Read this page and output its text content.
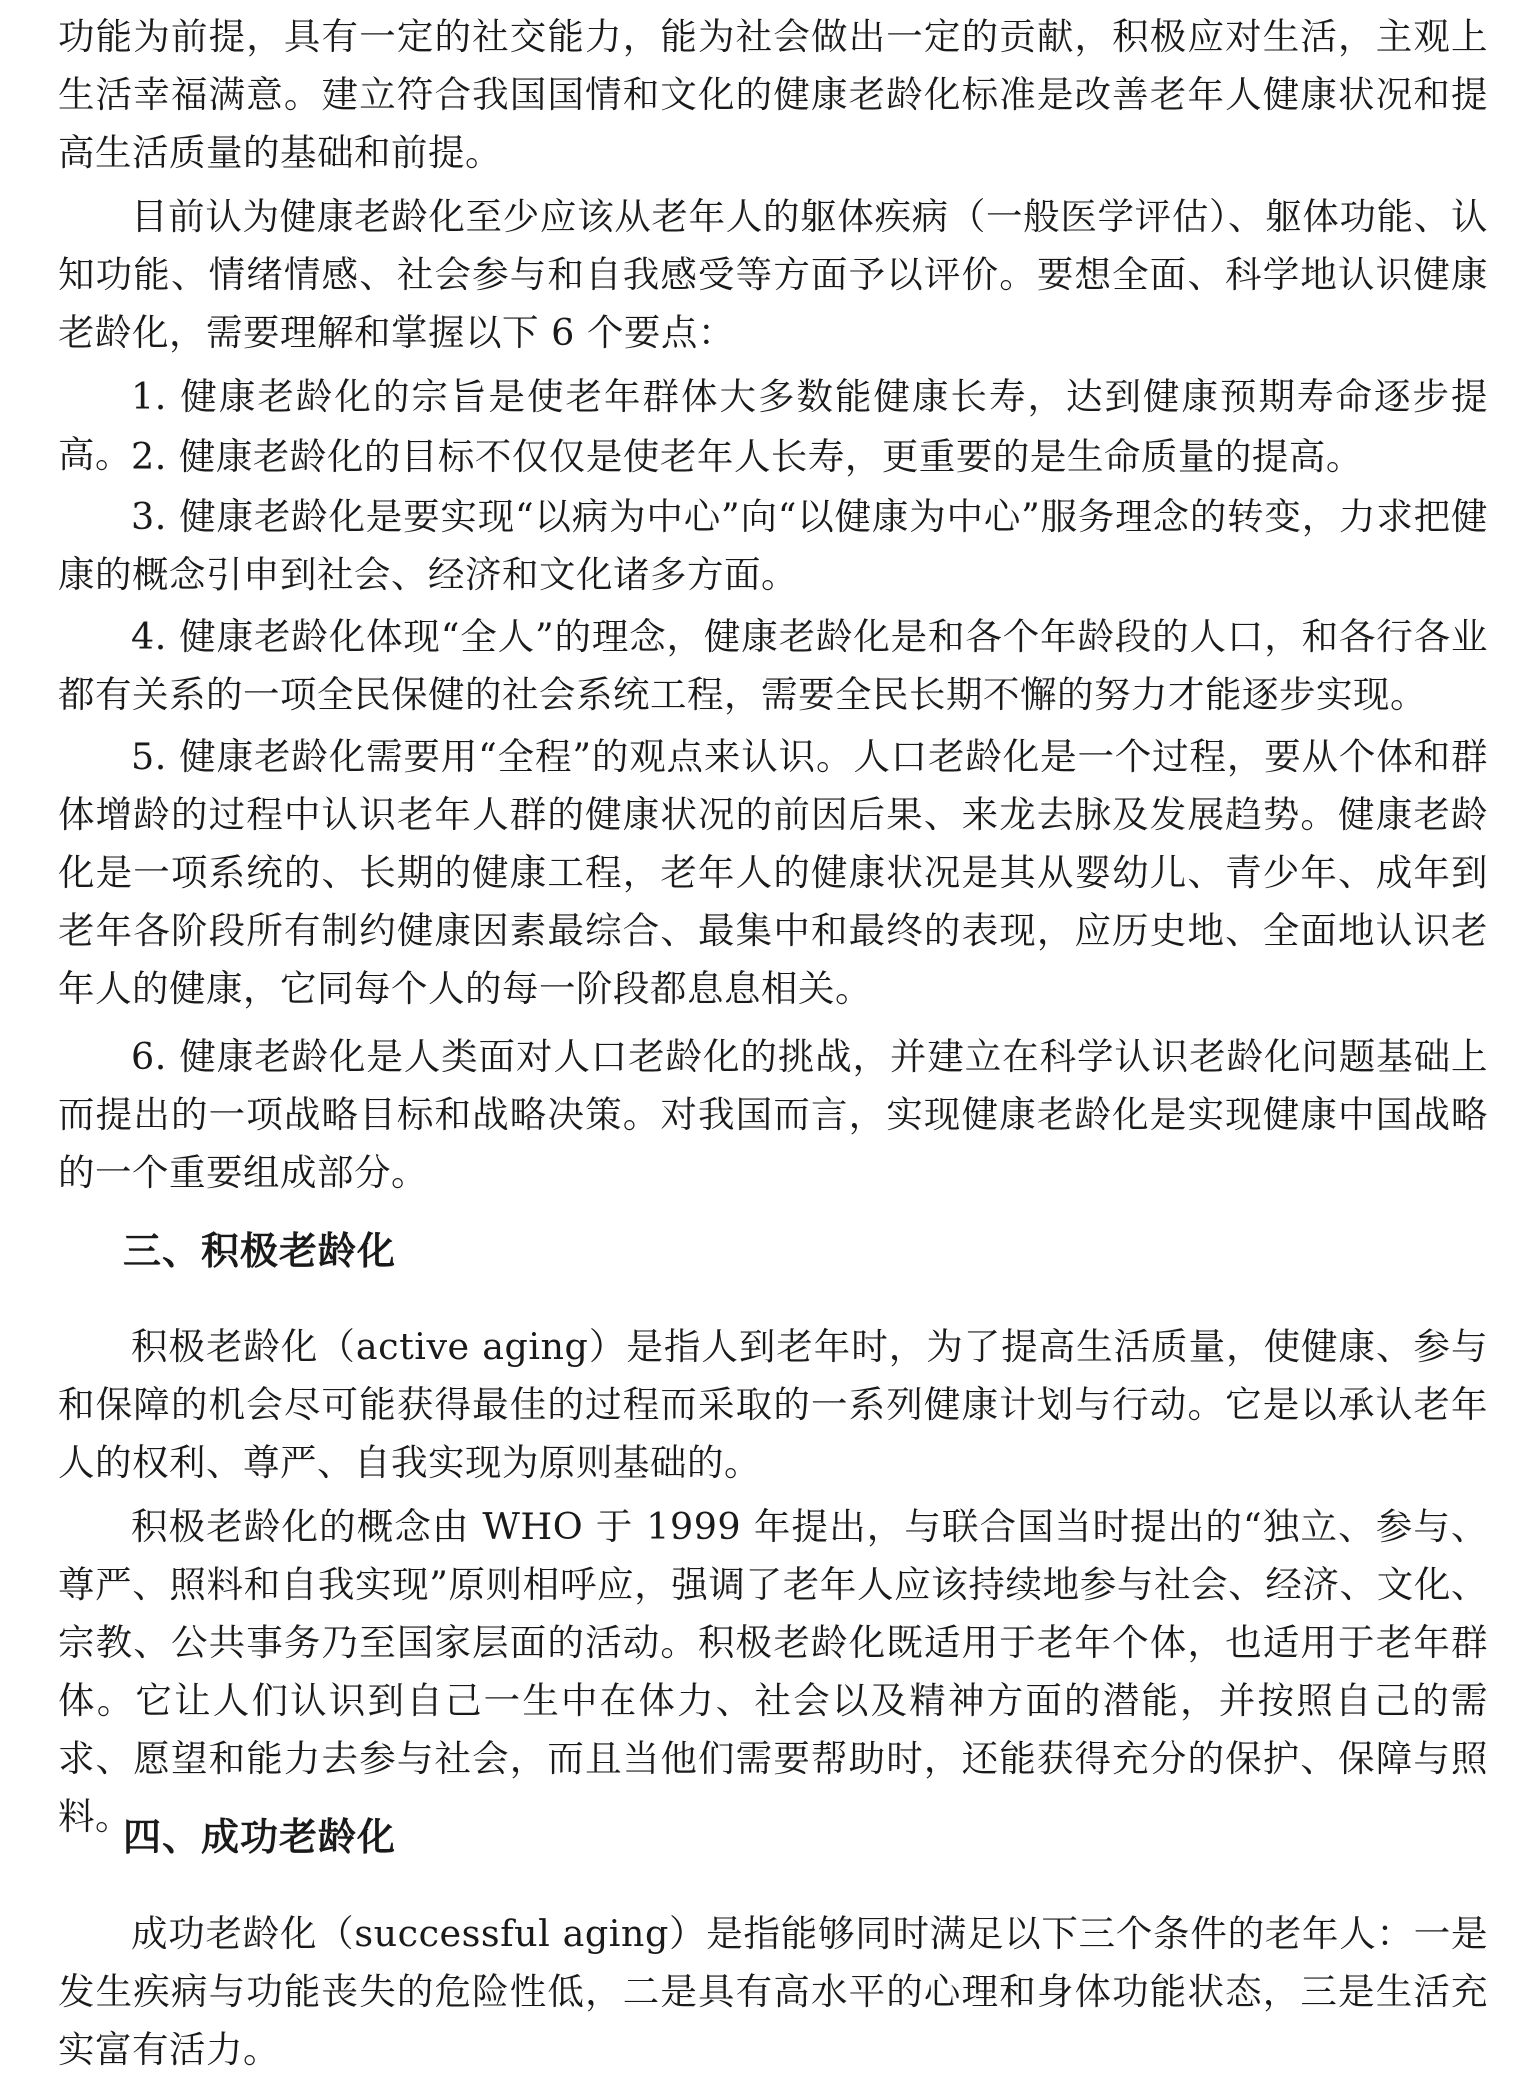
功能为前提，具有一定的社交能力，能为社会做出一定的贡献，积极应对生活，主观上生活幸福满意。建立符合我国国情和文化的健康老龄化标准是改善老年人健康状况和提高生活质量的基础和前提。

目前认为健康老龄化至少应该从老年人的躯体疾病（一般医学评估）、躯体功能、认知功能、情绪情感、社会参与和自我感受等方面予以评价。要想全面、科学地认识健康老龄化，需要理解和掌握以下 6 个要点：

1. 健康老龄化的宗旨是使老年群体大多数能健康长寿，达到健康预期寿命逐步提高。 2. 健康老龄化的目标不仅仅是使老年人长寿，更重要的是生命质量的提高。

3. 健康老龄化是要实现“以病为中心”向“以健康为中心”服务理念的转变，力求把健康的概念引申到社会、经济和文化诸多方面。

4. 健康老龄化体现“全人”的理念，健康老龄化是和各个年龄段的人口，和各行各业都有关系的一项全民保健的社会系统工程，需要全民长期不懈的努力才能逐步实现。

5. 健康老龄化需要用“全程”的观点来认识。人口老龄化是一个过程，要从个体和群体增龄的过程中认识老年人群的健康状况的前因后果、来龙去脉及发展趋势。健康老龄化是一项系统的、长期的健康工程，老年人的健康状况是其从婴幼儿、青少年、成年到老年各阶段所有制约健康因素最综合、最集中和最终的表现，应历史地、全面地认识老年人的健康，它同每个人的每一阶段都息息相关。

6. 健康老龄化是人类面对人口老龄化的挑战，并建立在科学认识老龄化问题基础上而提出的一项战略目标和战略决策。对我国而言，实现健康老龄化是实现健康中国战略的一个重要组成部分。

三、积极老龄化

积极老龄化（active aging）是指人到老年时，为了提高生活质量，使健康、参与和保障的机会尽可能获得最佳的过程而采取的一系列健康计划与行动。它是以承认老年人的权利、尊严、自我实现为原则基础的。

积极老龄化的概念由 WHO 于 1999 年提出，与联合国当时提出的“独立、参与、尊严、照料和自我实现”原则相呼应，强调了老年人应该持续地参与社会、经济、文化、宗教、公共事务乃至国家层面的活动。积极老龄化既适用于老年个体，也适用于老年群体。它让人们认识到自己一生中在体力、社会以及精神方面的潜能，并按照自己的需求、愿望和能力去参与社会，而且当他们需要帮助时，还能获得充分的保护、保障与照料。

四、成功老龄化

成功老龄化（successful aging）是指能够同时满足以下三个条件的老年人：一是发生疾病与功能丧失的危险性低，二是具有高水平的心理和身体功能状态，三是生活充实富有活力。
